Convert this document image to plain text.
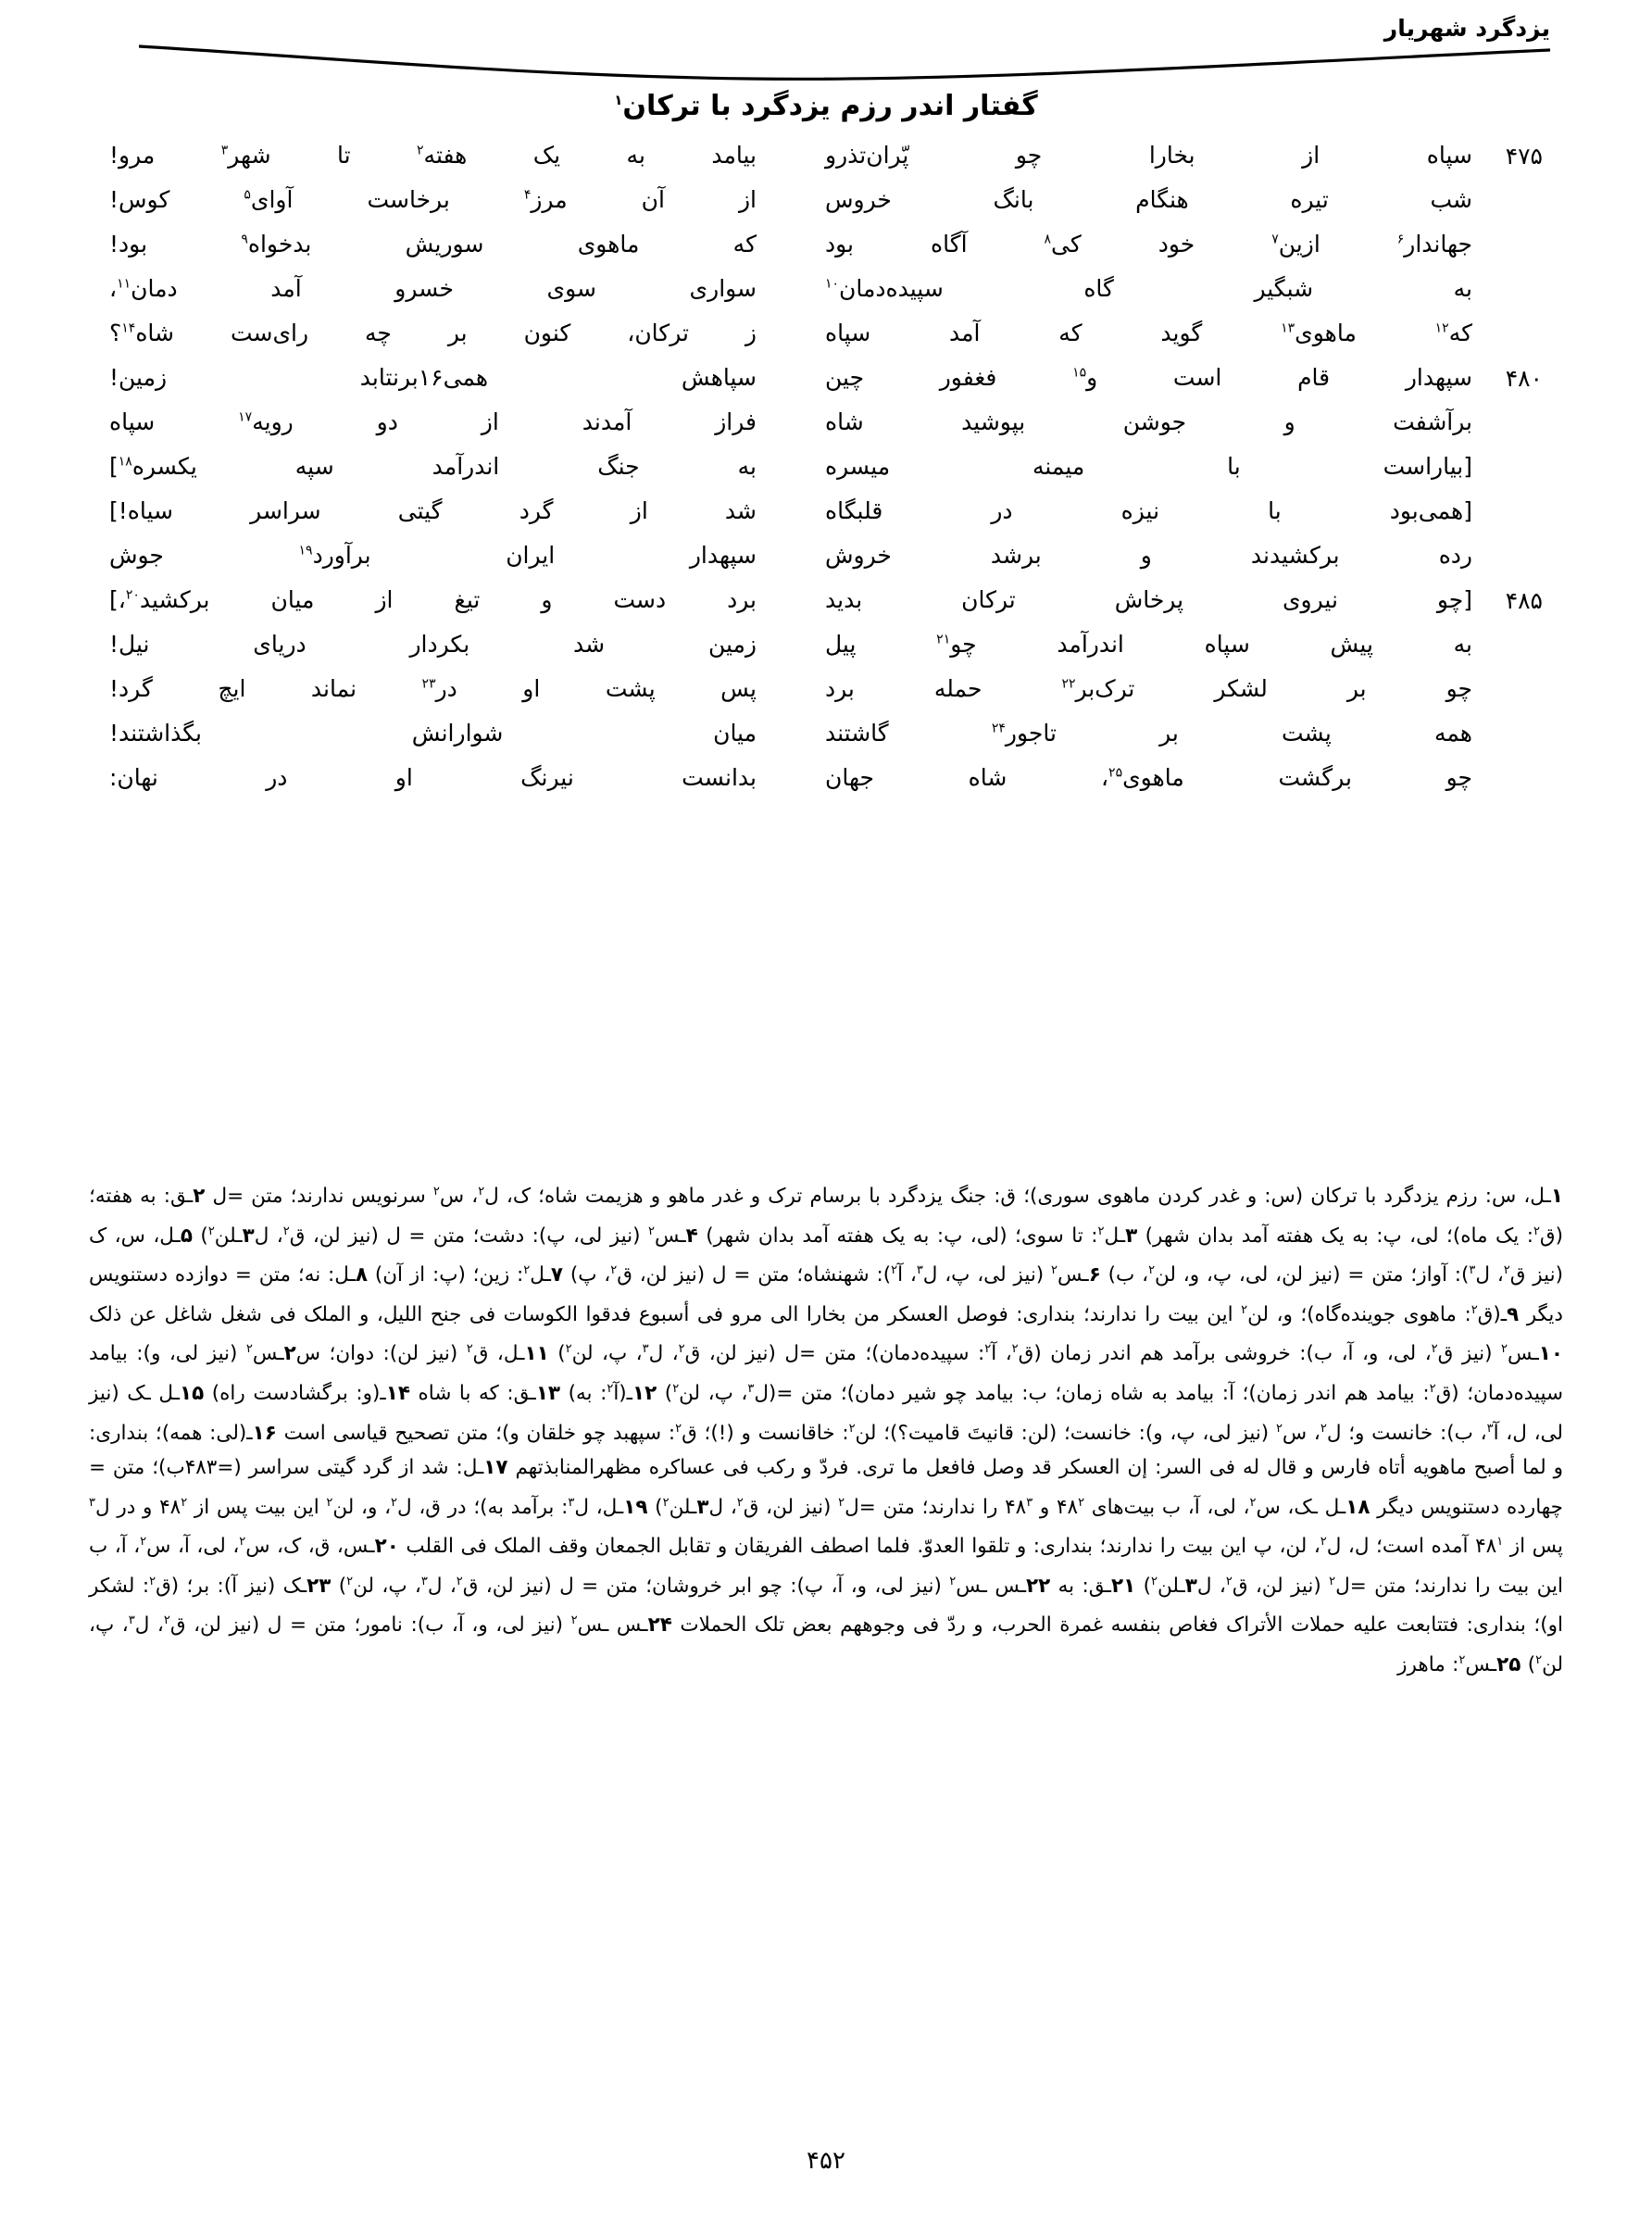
یزدگرد شهریار
گفتار اندر رزم یزدگرد با ترکان$^۱$
۴۷۵
سپاه از بخارا چو پّران‌تذرو
بیامد به یک هفته$^۲$ تا شهر$^۳$ مرو!
شب تیره هنگام بانگ خروس
از آن مرز$^۴$ برخاست آوای$^۵$ کوس!
جهاندار$^۶$ ازین$^۷$ خود کی$^۸$ آگاه بود
که ماهوی سوریش بدخواه$^۹$ بود!
به شبگیر گاه سپیده‌دمان$^{۱۰}$
سواری سوی خسرو آمد دمان$^{۱۱}$،
که$^{۱۲}$ ماهوی$^{۱۳}$ گوید که آمد سپاه
ز ترکان، کنون بر چه رای‌ست شاه$^{۱۴}$؟
۴۸۰
سپهدار قام است و$^{۱۵}$ فغفور چین
سپاهش همی۱۶برنتابد زمین!
برآشفت و جوشن بپوشید شاه
فراز آمدند از دو رویه$^{۱۷}$ سپاه
[بیاراست با میمنه میسره
به جنگ اندرآمد سپه یکسره$^{۱۸}$]
[همی‌بود با نیزه در قلبگاه
شد از گرد گیتی سراسر سیاه!]
رده برکشیدند و برشد خروش
سپهدار ایران برآورد$^{۱۹}$ جوش
۴۸۵
[چو نیروی پرخاش ترکان بدید
برد دست و تیغ از میان برکشید$^{۲۰}$،]
به پیش سپاه اندرآمد چو$^{۲۱}$ پیل
زمین شد بکردار دریای نیل!
چو بر لشکر ترک‌بر$^{۲۲}$ حمله برد
پس پشت او در$^{۲۳}$ نماند ایچ گرد!
همه پشت بر تاجور$^{۲۴}$ گاشتند
میان شوارانش بگذاشتند!
چو برگشت ماهوی$^{۲۵}$، شاه جهان
بدانست نیرنگ او در نهان:
۱ـل، س: رزم یزدگرد با ترکان (س: و غدر کردن ماهوی سوری)؛ ق: جنگ یزدگرد با برسام ترک و غدر ماهو و هزیمت شاه؛ ک، ل$^۲$، س$^۲$ سرنویس ندارند؛ متن =ل ۲ـق: به هفته؛ (ق$^۲$: یک ماه)؛ لی، پ: به یک هفته آمد بدان شهر) ۳ـل$^۲$: تا سوی؛ (لی، پ: به یک هفته آمد بدان شهر) ۴ـس$^۲$ (نیز لی، پ): دشت؛ متن = ل (نیز لن، ق$^۲$، ل۳ـلن$^۲$) ۵ـل، س، ک (نیز ق$^۲$، ل$^۳$): آواز؛ متن = (نیز لن، لی، پ، و، لن$^۲$، ب) ۶ـس$^۲$ (نیز لی، پ، ل$^۳$، آ$^۲$): شهنشاه؛ متن = ل (نیز لن، ق$^۲$، پ) ۷ـل$^۲$: زین؛ (پ: از آن) ۸ـل: نه؛ متن = دوازده دستنویس دیگر ۹ـ(ق$^۲$: ماهوی جوینده‌گاه)؛ و، لن$^۲$ این بیت را ندارند؛ بنداری: فوصل العسکر من بخارا الی مرو فی أسبوع فدقوا الکوسات فی جنح اللیل، و الملک فی شغل شاغل عن ذلک ۱۰ـس$^۲$ (نیز ق$^۲$، لی، و، آ، ب): خروشی برآمد هم اندر زمان (ق$^۲$، آ$^۲$: سپیده‌دمان)؛ متن =ل (نیز لن، ق$^۲$، ل$^۳$، پ، لن$^۲$) ۱۱ـل، ق$^۲$ (نیز لن): دوان؛ س۲ـس$^۲$ (نیز لی، و): بیامد سپیده‌دمان؛ (ق$^۲$: بیامد هم اندر زمان)؛ آ: بیامد به شاه زمان؛ ب: بیامد چو شیر دمان)؛ متن =(ل$^۳$، پ، لن$^۲$) ۱۲ـ(آ$^۲$: به) ۱۳ـق: که با شاه ۱۴ـ(و: برگشادست راه) ۱۵ـل ـک (نیز لی، ل، آ$^۳$، ب): خانست و؛ ل$^۲$، س$^۲$ (نیز لی، پ، و): خانست؛ (لن: قانیتَ قامیت‌؟)؛ لن$^۲$: خاقانست و (!)؛ ق$^۲$: سپهبد چو خلقان و)؛ متن تصحیح قیاسی است ۱۶ـ(لی: همه)؛ بنداری: و لما أصبح ماهویه أتاه فارس و قال له فی السر: إن العسکر قد وصل فافعل ما تری. فردّ و رکب فی عساکره مظهرالمنابذتهم ۱۷ـل: شد از گرد گیتی سراسر (=۴۸۳ب)؛ متن = چهارده دستنویس دیگر ۱۸ـل ـک، س$^۲$، لی، آ، ب بیت‌های $۴۸^۲$ و $۴۸^۳$ را ندارند؛ متن =ل$^۲$ (نیز لن، ق$^۲$، ل۳ـلن$^۲$) ۱۹ـل، ل$^۳$: برآمد به)؛ در ق، ل$^۲$، و، لن$^۲$ این بیت پس از $۴۸^۲$ و در ل$^۳$ پس از $۴۸^۱$ آمده است؛ ل، ل$^۲$، لن، پ این بیت را ندارند؛ بنداری: و تلقوا العدوّ. فلما اصطف الفریقان و تقابل الجمعان وقف الملک فی القلب ۲۰ـس، ق، ک، س$^۲$، لی، آ، س$^۲$، آ، ب این بیت را ندارند؛ متن =ل$^۲$ (نیز لن، ق$^۲$، ل۳ـلن$^۲$) ۲۱ـق: به ۲۲ـس ـس$^۲$ (نیز لی، و، آ، پ): چو ابر خروشان؛ متن = ل (نیز لن، ق$^۲$، ل$^۳$، پ، لن$^۲$) ۲۳ـک (نیز آ): بر؛ (ق$^۲$: لشکر او)؛ بنداری: فتتابعت علیه حملات الأتراک فغاص بنفسه غمرة الحرب، و ردّ فی وجوههم بعض تلک الحملات ۲۴ـس ـس$^۲$ (نیز لی، و، آ، ب): نامور؛ متن = ل (نیز لن، ق$^۲$، ل$^۳$، پ، لن$^۲$) ۲۵ـس$^۲$: ماهرز
۴۵۲
